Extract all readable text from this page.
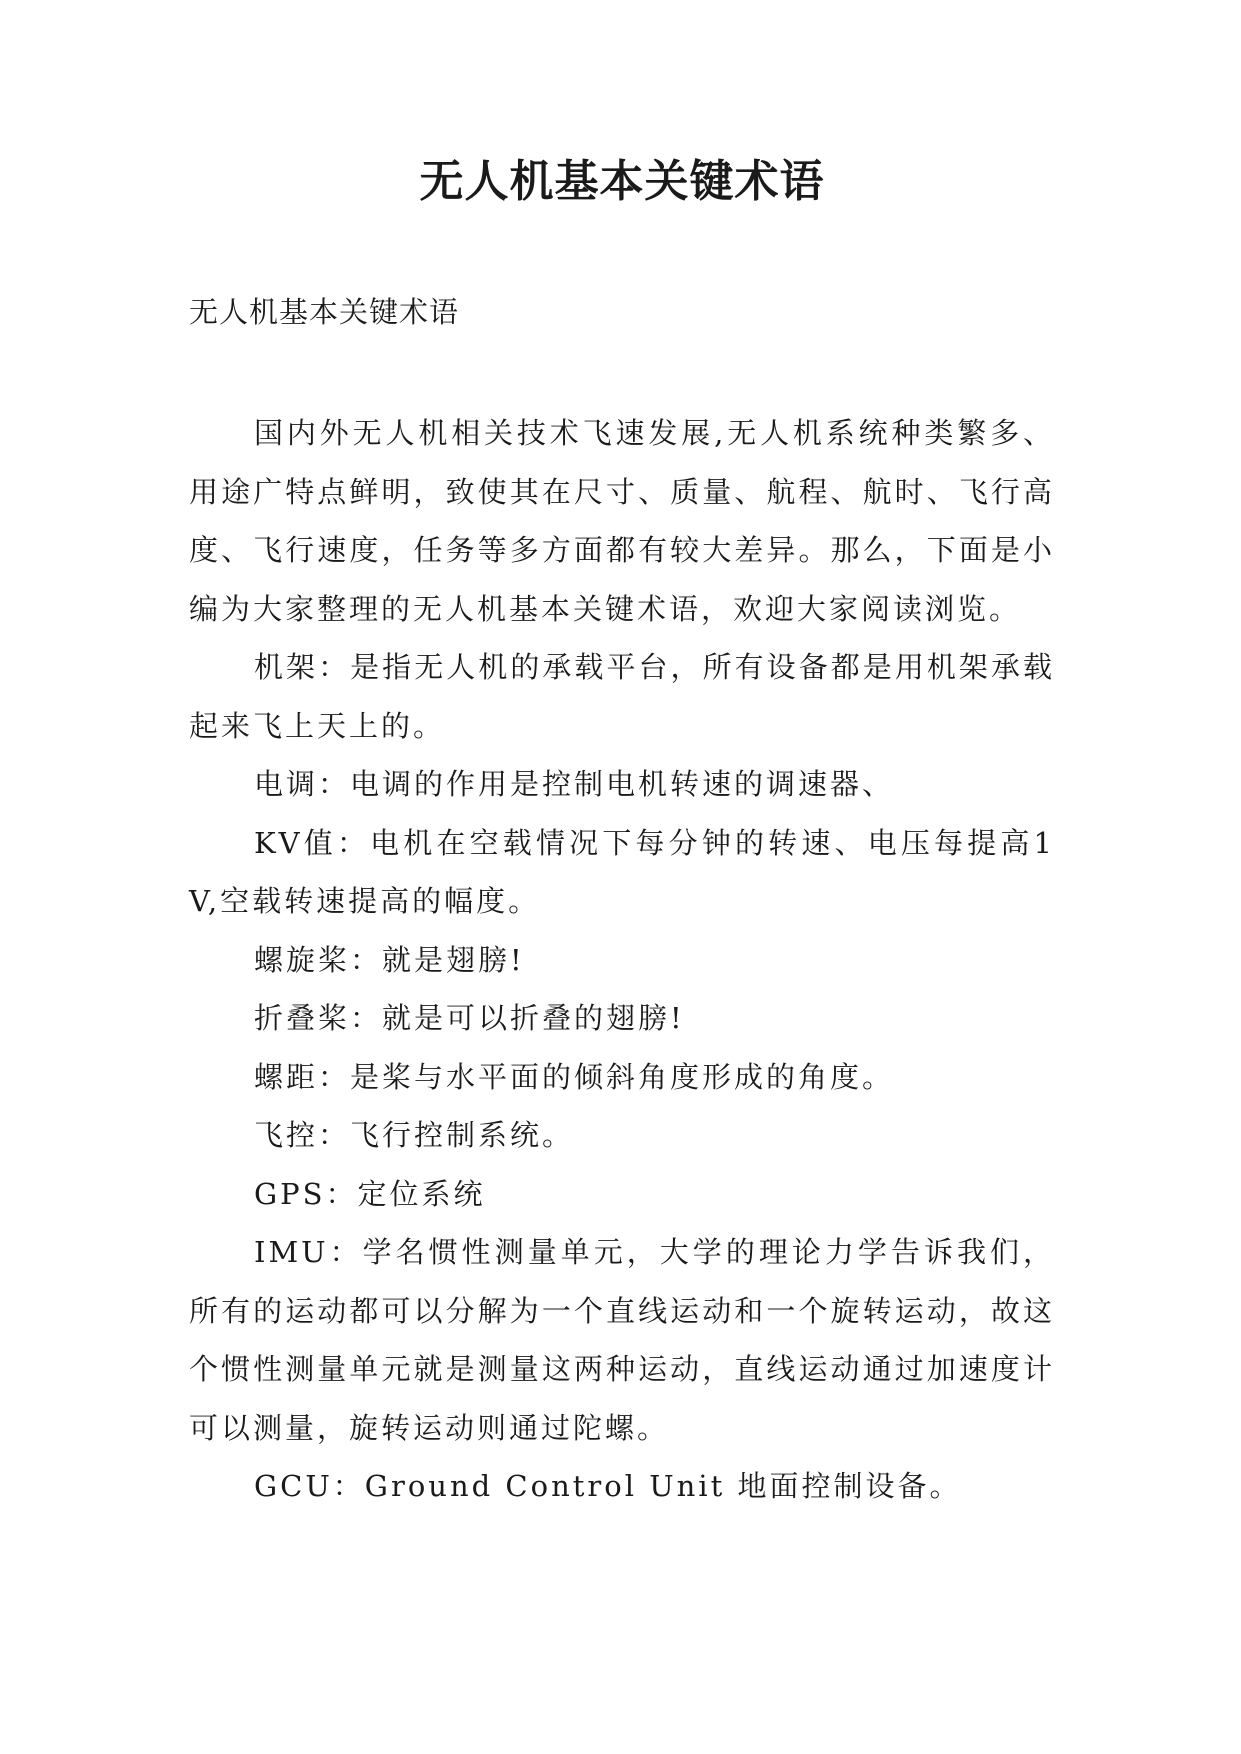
无人机基本关键术语

无人机基本关键术语

国内外无人机相关技术飞速发展,无人机系统种类繁多、用途广特点鲜明，致使其在尺寸、质量、航程、航时、飞行高度、飞行速度，任务等多方面都有较大差异。那么，下面是小编为大家整理的无人机基本关键术语，欢迎大家阅读浏览。

机架：是指无人机的承载平台，所有设备都是用机架承载起来飞上天上的。

电调：电调的作用是控制电机转速的调速器、

KV值：电机在空载情况下每分钟的转速、电压每提高1V,空载转速提高的幅度。

螺旋桨：就是翅膀!

折叠桨：就是可以折叠的翅膀!

螺距：是桨与水平面的倾斜角度形成的角度。

飞控：飞行控制系统。

GPS：定位系统

IMU：学名惯性测量单元，大学的理论力学告诉我们，所有的运动都可以分解为一个直线运动和一个旋转运动，故这个惯性测量单元就是测量这两种运动，直线运动通过加速度计可以测量，旋转运动则通过陀螺。

GCU：Ground Control Unit 地面控制设备。
